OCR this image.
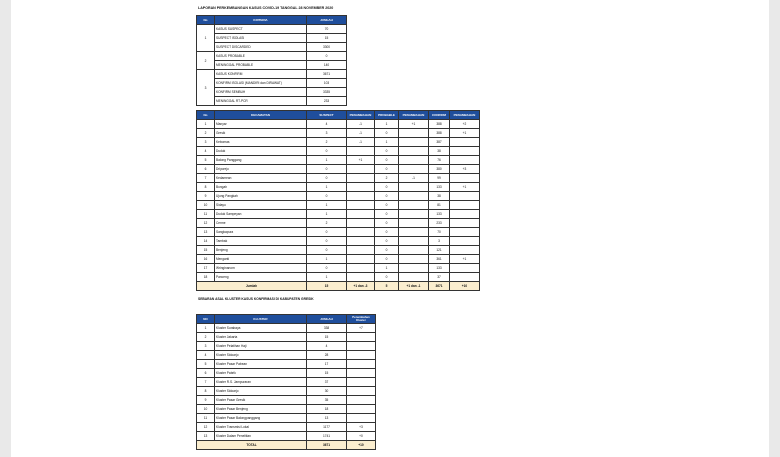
LAPORAN PERKEMBANGAN KASUS COVID-19 TANGGAL 28 NOVEMBER 2020
No	KRITERIA	JUMLAH
1	KASUS SUSPECT	70
	SUSPECT ISOLASI	15
	SUSPECT DISCARDED	3300
2	KASUS PROBABLE	0
	MENINGGAL PROBABLE	140
3	KASUS KONFIRM	3671
	KONFIRM ISOLASI (MANDIRI dan DIRAWAT)	103
	KONFIRM SEMBUH	3335
	MENINGGAL RT-PCR	233
No	KECAMATAN	SUSPECT	PENAMBAHAN	PROBABLE	PENAMBAHAN	CONFIRM	PENAMBAHAN
1	Manyar	4	-1	1	+1	388	+2
2	Gresik	3	-1	0		388	+1
3	Kebomas	2	-1	1		387	
4	Duduk	0		0		38	
5	Balong Panggang	1	+1	0		76	
6	Driyorejo	0		0		380	+3
7	Kedamean	0		2	-1	99	
8	Bungah	1		0		133	+1
9	Ujung Pangkah	0		0		38	
10	Sidayu	1		0		81	
11	Duduk Sampeyan	1		0		133	
12	Cerme	2		0		233	
13	Sangkapura	0		0		70	
14	Tambak	0		0		3	
15	Benjeng	0		0		121	
16	Menganti	1		0		361	+1
17	Wringinanom	0		1		133	
18	Panceng	1		0		37	
Jumlah		15	+1 dan -3	5	+1 dan -1	3671	+10
SEBARAN ASAL KLUSTER KASUS KONFIRMASI DI KABUPATEN GRESIK
NO	KLUSTER	JUMLAH	Penambahan Kluster
1	Kluster Surabaya	338	+7
2	Kluster Jakarta	15	
3	Kluster Pelatihan Haji	4	
4	Kluster Sidoarjo	28	
5	Kluster Pasar Pabean	17	
6	Kluster Pabrik	15	
7	Kluster R.S. Jampuraran	37	
8	Kluster Sidoarjo	30	
9	Kluster Pasar Gresik	35	
10	Kluster Pasar Benjeng	18	
11	Kluster Pasar Balongpanggang	13	
12	Kluster Transmisi Lokal	1177	+3
13	Kluster Dalam Penelitian	1741	+0
TOTAL		3671	+10
